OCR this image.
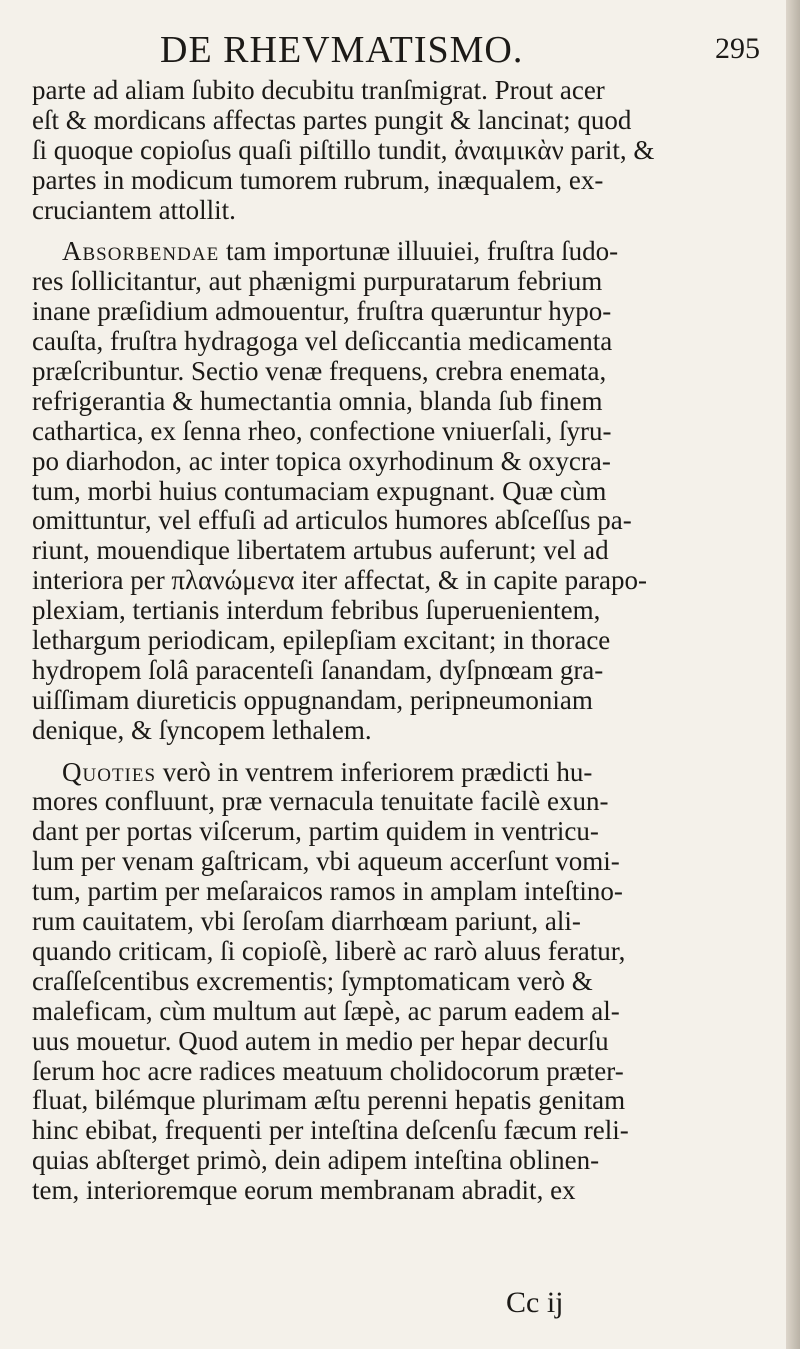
DE RHEVMATISMO.	295
parte ad aliam ſubito decubitu tranſmigrat. Prout acer
eſt & mordicans affectas partes pungit & lancinat; quod
ſi quoque copioſus quaſi piſtillo tundit, ἀναιμικὰν parit, &
partes in modicum tumorem rubrum, inæqualem, ex-
cruciantem attollit.
Absorbendae tam importunæ illuuiei, fruſtra ſudo-
res ſollicitantur, aut phænigmi purpuratarum febrium
inane præſidium admouentur, fruſtra quæruntur hypo-
cauſta, fruſtra hydragoga vel deſiccantia medicamenta
præſcribuntur. Sectio venæ frequens, crebra enemata,
refrigerantia & humectantia omnia, blanda ſub finem
cathartica, ex ſenna rheo, confectione vniuerſali, ſyru-
po diarhodon, ac inter topica oxyrhodinum & oxycra-
tum, morbi huius contumaciam expugnant. Quæ cùm
omittuntur, vel effuſi ad articulos humores abſceſſus pa-
riunt, mouendique libertatem artubus auferunt; vel ad
interiora per πλανώμενα iter affectat, & in capite parapo-
plexiam, tertianis interdum febribus ſuperuenientem,
lethargum periodicam, epilepſiam excitant; in thorace
hydropem ſolâ paracenteſi ſanandam, dyſpnœam gra-
uiſſimam diureticis oppugnandam, peripneumoniam
denique, & ſyncopem lethalem.
Quoties verò in ventrem inferiorem prædicti hu-
mores confluunt, præ vernacula tenuitate facilè exun-
dant per portas viſcerum, partim quidem in ventricu-
lum per venam gaſtricam, vbi aqueum accerſunt vomi-
tum, partim per meſaraicos ramos in amplam inteſtino-
rum cauitatem, vbi ſeroſam diarrhœam pariunt, ali-
quando criticam, ſi copioſè, liberè ac rarò aluus feratur,
craſſeſcentibus excrementis; ſymptomaticam verò &
maleficam, cùm multum aut ſæpè, ac parum eadem al-
uus mouetur. Quod autem in medio per hepar decurſu
ſerum hoc acre radices meatuum cholidocorum præter-
fluat, bilémque plurimam æſtu perenni hepatis genitam
hinc ebibat, frequenti per inteſtina deſcenſu fæcum reli-
quias abſterget primò, dein adipem inteſtina oblinen-
tem, interioremque eorum membranam abradit, ex
Cc ij
